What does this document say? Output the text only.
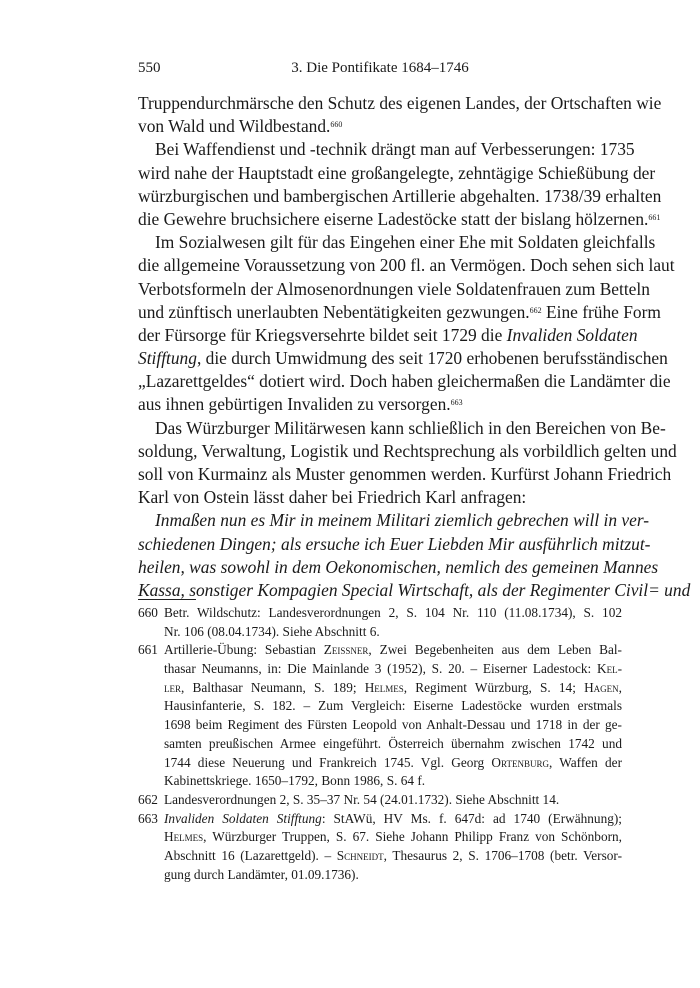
550	3. Die Pontifikate 1684–1746
Truppendurchmärsche den Schutz des eigenen Landes, der Ortschaften wie
von Wald und Wildbestand.$^{660}$
Bei Waffendienst und -technik drängt man auf Verbesserungen: 1735
wird nahe der Hauptstadt eine großangelegte, zehntägige Schießübung der
würzburgischen und bambergischen Artillerie abgehalten. 1738/39 erhalten
die Gewehre bruchsichere eiserne Ladestöcke statt der bislang hölzernen.$^{661}$
Im Sozialwesen gilt für das Eingehen einer Ehe mit Soldaten gleichfalls
die allgemeine Voraussetzung von 200 fl. an Vermögen. Doch sehen sich laut
Verbotsformeln der Almosenordnungen viele Soldatenfrauen zum Betteln
und zünftisch unerlaubten Nebentätigkeiten gezwungen.$^{662}$ Eine frühe Form
der Fürsorge für Kriegsversehrte bildet seit 1729 die Invaliden Soldaten
Stifftung, die durch Umwidmung des seit 1720 erhobenen berufsständischen
„Lazarettgeldes“ dotiert wird. Doch haben gleichermaßen die Landämter die
aus ihnen gebürtigen Invaliden zu versorgen.$^{663}$
Das Würzburger Militärwesen kann schließlich in den Bereichen von Be-
soldung, Verwaltung, Logistik und Rechtsprechung als vorbildlich gelten und
soll von Kurmainz als Muster genommen werden. Kurfürst Johann Friedrich
Karl von Ostein lässt daher bei Friedrich Karl anfragen:
Inmaßen nun es Mir in meinem Militari ziemlich gebrechen will in ver-
schiedenen Dingen; als ersuche ich Euer Liebden Mir ausführlich mitzut-
heilen, was sowohl in dem Oekonomischen, nemlich des gemeinen Mannes
Kassa, sonstiger Kompagien Special Wirtschaft, als der Regimenter Civil= und
660 Betr. Wildschutz: Landesverordnungen 2, S. 104 Nr. 110 (11.08.1734), S. 102
Nr. 106 (08.04.1734). Siehe Abschnitt 6.
661 Artillerie-Übung: Sebastian Zeissner, Zwei Begebenheiten aus dem Leben Bal-
thasar Neumanns, in: Die Mainlande 3 (1952), S. 20. – Eiserner Ladestock: Kel-
ler, Balthasar Neumann, S. 189; Helmes, Regiment Würzburg, S. 14; Hagen,
Hausinfanterie, S. 182. – Zum Vergleich: Eiserne Ladestöcke wurden erstmals
1698 beim Regiment des Fürsten Leopold von Anhalt-Dessau und 1718 in der ge-
samten preußischen Armee eingeführt. Österreich übernahm zwischen 1742 und
1744 diese Neuerung und Frankreich 1745. Vgl. Georg Ortenburg, Waffen der
Kabinettskriege. 1650–1792, Bonn 1986, S. 64 f.
662 Landesverordnungen 2, S. 35–37 Nr. 54 (24.01.1732). Siehe Abschnitt 14.
663 Invaliden Soldaten Stifftung: StAWü, HV Ms. f. 647d: ad 1740 (Erwähnung);
Helmes, Würzburger Truppen, S. 67. Siehe Johann Philipp Franz von Schönborn,
Abschnitt 16 (Lazarettgeld). – Schneidt, Thesaurus 2, S. 1706–1708 (betr. Versor-
gung durch Landämter, 01.09.1736).
